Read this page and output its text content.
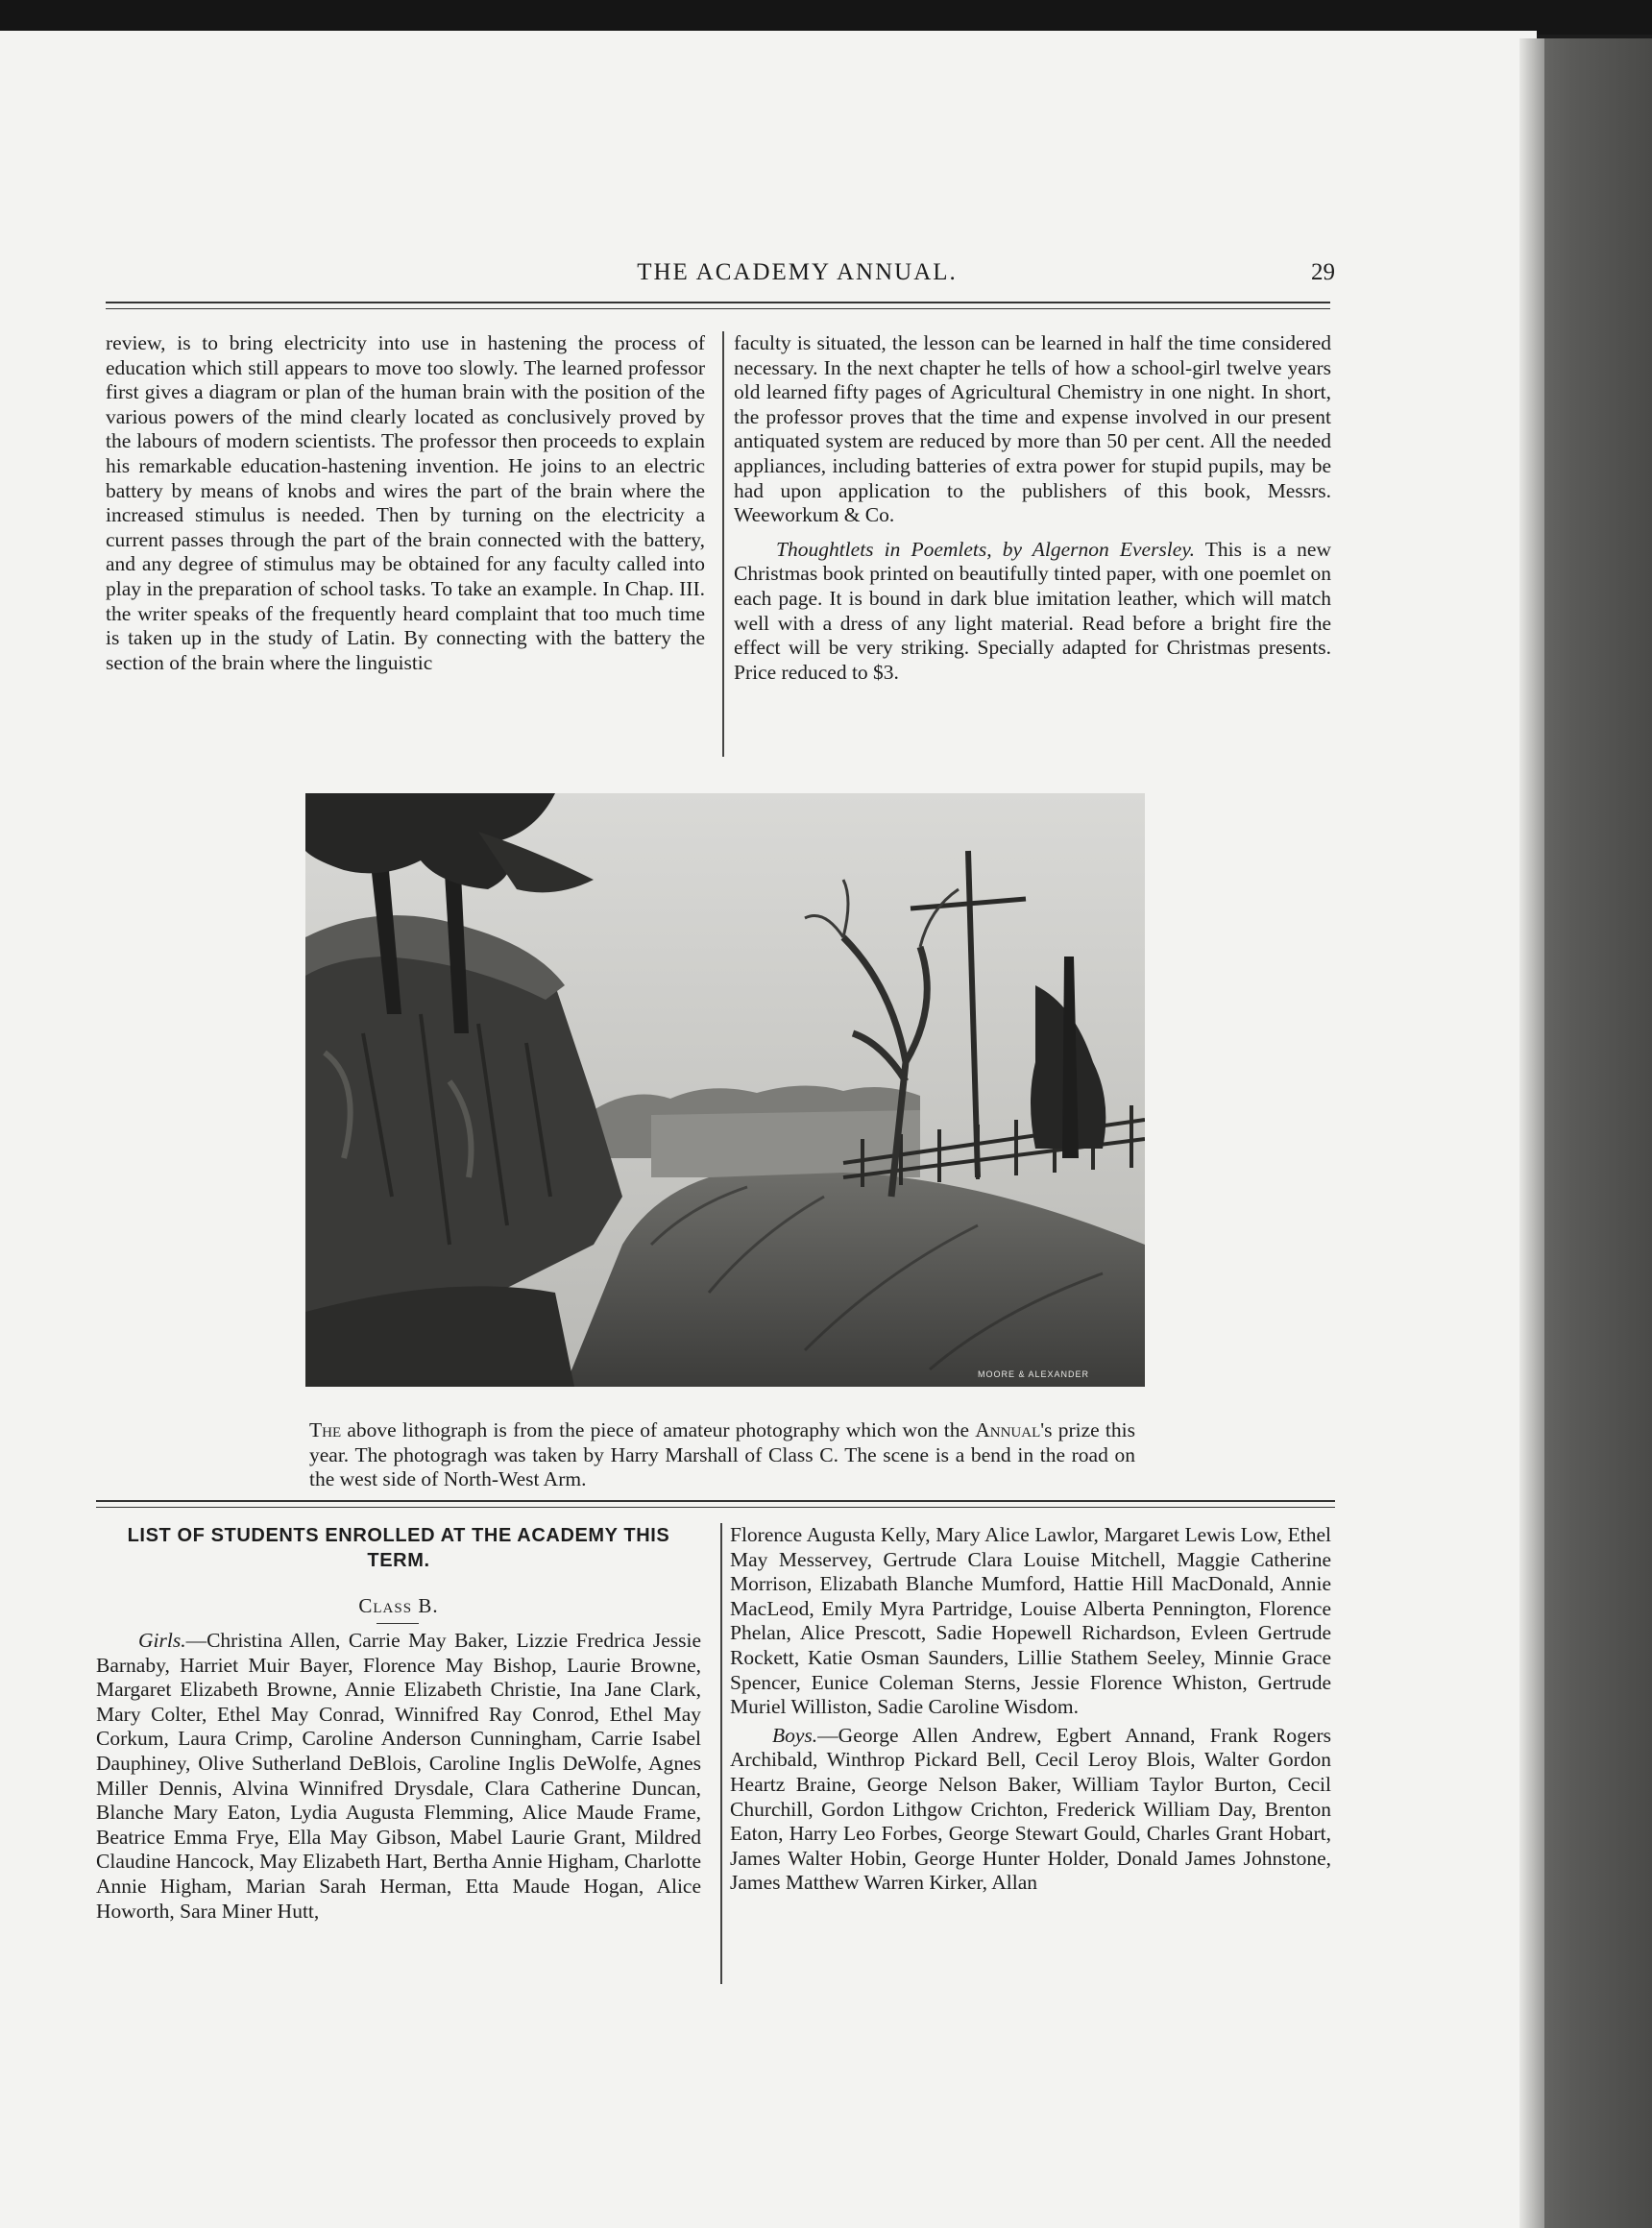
THE ACADEMY ANNUAL.	29

review, is to bring electricity into use in hastening the process of education which still appears to move too slowly. The learned professor first gives a diagram or plan of the human brain with the position of the various powers of the mind clearly located as conclusively proved by the labours of modern scientists. The professor then proceeds to explain his remarkable education-hastening invention. He joins to an electric battery by means of knobs and wires the part of the brain where the increased stimulus is needed. Then by turning on the electricity a current passes through the part of the brain connected with the battery, and any degree of stimulus may be obtained for any faculty called into play in the preparation of school tasks. To take an example. In Chap. III. the writer speaks of the frequently heard complaint that too much time is taken up in the study of Latin. By connecting with the battery the section of the brain where the linguistic

faculty is situated, the lesson can be learned in half the time considered necessary. In the next chapter he tells of how a school-girl twelve years old learned fifty pages of Agricultural Chemistry in one night. In short, the professor proves that the time and expense involved in our present antiquated system are reduced by more than 50 per cent. All the needed appliances, including batteries of extra power for stupid pupils, may be had upon application to the publishers of this book, Messrs. Weeworkum & Co.

Thoughtlets in Poemlets, by Algernon Eversley. This is a new Christmas book printed on beautifully tinted paper, with one poemlet on each page. It is bound in dark blue imitation leather, which will match well with a dress of any light material. Read before a bright fire the effect will be very striking. Specially adapted for Christmas presents. Price reduced to $3.

MOORE & ALEXANDER
The above lithograph is from the piece of amateur photography which won the Annual's prize this year. The photogragh was taken by Harry Marshall of Class C. The scene is a bend in the road on the west side of North-West Arm.
LIST OF STUDENTS ENROLLED AT THE ACADEMY THIS TERM.
Class B.

Girls.—Christina Allen, Carrie May Baker, Lizzie Fredrica Jessie Barnaby, Harriet Muir Bayer, Florence May Bishop, Laurie Browne, Margaret Elizabeth Browne, Annie Elizabeth Christie, Ina Jane Clark, Mary Colter, Ethel May Conrad, Winnifred Ray Conrod, Ethel May Corkum, Laura Crimp, Caroline Anderson Cunningham, Carrie Isabel Dauphiney, Olive Sutherland DeBlois, Caroline Inglis DeWolfe, Agnes Miller Dennis, Alvina Winnifred Drysdale, Clara Catherine Duncan, Blanche Mary Eaton, Lydia Augusta Flemming, Alice Maude Frame, Beatrice Emma Frye, Ella May Gibson, Mabel Laurie Grant, Mildred Claudine Hancock, May Elizabeth Hart, Bertha Annie Higham, Charlotte Annie Higham, Marian Sarah Herman, Etta Maude Hogan, Alice Howorth, Sara Miner Hutt,

Florence Augusta Kelly, Mary Alice Lawlor, Margaret Lewis Low, Ethel May Messervey, Gertrude Clara Louise Mitchell, Maggie Catherine Morrison, Elizabath Blanche Mumford, Hattie Hill MacDonald, Annie MacLeod, Emily Myra Partridge, Louise Alberta Pennington, Florence Phelan, Alice Prescott, Sadie Hopewell Richardson, Evleen Gertrude Rockett, Katie Osman Saunders, Lillie Stathem Seeley, Minnie Grace Spencer, Eunice Coleman Sterns, Jessie Florence Whiston, Gertrude Muriel Williston, Sadie Caroline Wisdom.

Boys.—George Allen Andrew, Egbert Annand, Frank Rogers Archibald, Winthrop Pickard Bell, Cecil Leroy Blois, Walter Gordon Heartz Braine, George Nelson Baker, William Taylor Burton, Cecil Churchill, Gordon Lithgow Crichton, Frederick William Day, Brenton Eaton, Harry Leo Forbes, George Stewart Gould, Charles Grant Hobart, James Walter Hobin, George Hunter Holder, Donald James Johnstone, James Matthew Warren Kirker, Allan
